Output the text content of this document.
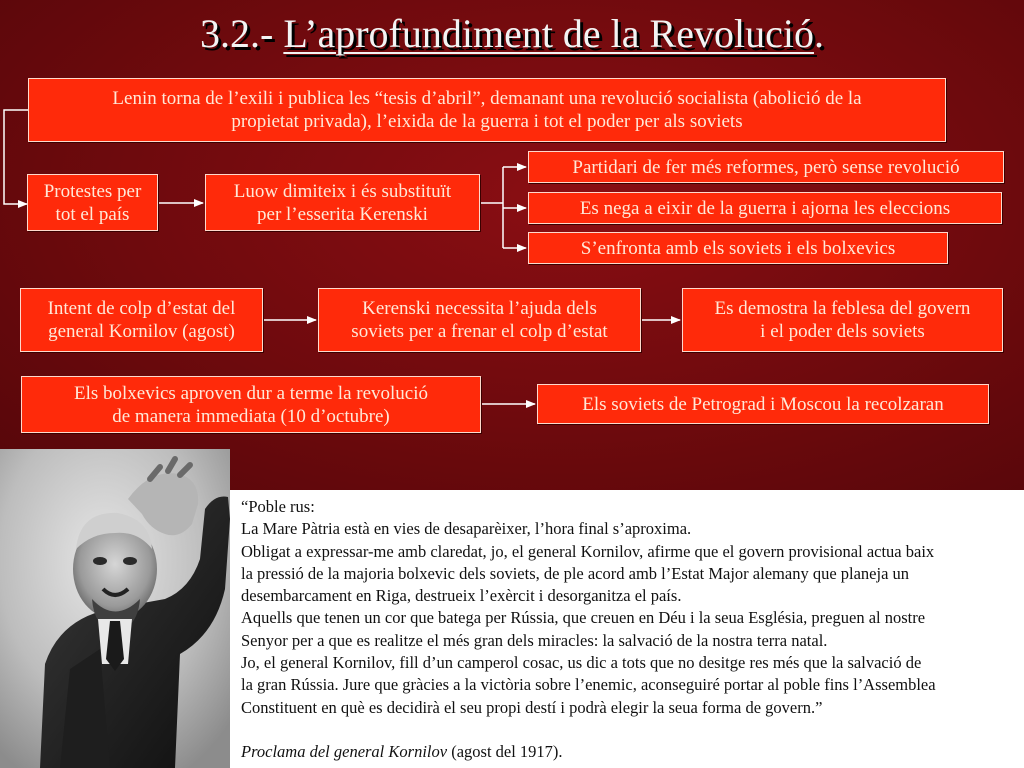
3.2.- L’aprofundiment de la Revolució.
Lenin torna de l’exili i publica les “tesis d’abril”, demanant una revolució socialista (abolició de la
propietat privada), l’eixida de la guerra i tot el poder per als soviets
Protestes per
tot el país
Luow dimiteix i és substituït
per l’esserita Kerenski
Partidari de fer més reformes, però sense revolució
Es nega a eixir de la guerra i ajorna les eleccions
S’enfronta amb els soviets i els bolxevics
Intent de colp d’estat del
general Kornilov (agost)
Kerenski necessita l’ajuda dels
soviets per a frenar el colp d’estat
Es demostra la feblesa del govern
i el poder dels soviets
Els bolxevics aproven dur a terme la revolució
de manera immediata (10 d’octubre)
Els soviets de Petrograd i Moscou la recolzaran
“Poble rus:
La Mare Pàtria està en vies de desaparèixer, l’hora final s’aproxima.
Obligat a expressar-me amb claredat, jo, el general Kornilov, afirme que el govern provisional actua baix
la pressió de la majoria bolxevic dels soviets, de ple acord amb l’Estat Major alemany que planeja un
desembarcament en Riga, destrueix l’exèrcit i desorganitza el país.
Aquells que tenen un cor que batega per Rússia, que creuen en Déu i la seua Església, preguen al nostre
Senyor per a que es realitze el més gran dels miracles: la salvació de la nostra terra natal.
Jo, el general Kornilov, fill d’un camperol cosac, us dic a tots que no desitge res més que la salvació de
la gran Rússia. Jure que gràcies a la victòria sobre l’enemic, aconseguiré portar al poble fins l’Assemblea
Constituent en què es decidirà el seu propi destí i podrà elegir la seua forma de govern.”
Proclama del general Kornilov (agost del 1917).
